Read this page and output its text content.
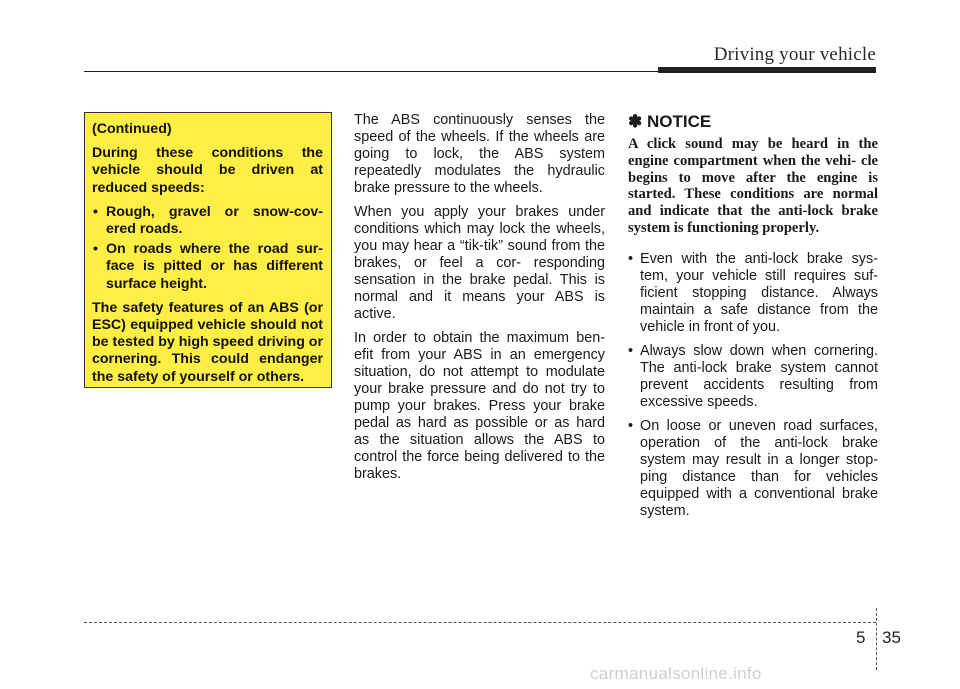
Driving your vehicle

(Continued)

During these conditions the vehicle should be driven at reduced speeds:

• Rough, gravel or snow-cov- ered roads.
• On roads where the road sur- face is pitted or has different surface height.

The safety features of an ABS (or ESC) equipped vehicle should not be tested by high speed driving or cornering. This could endanger the safety of yourself or others.

The ABS continuously senses the speed of the wheels. If the wheels are going to lock, the ABS system repeatedly modulates the hydraulic brake pressure to the wheels.

When you apply your brakes under conditions which may lock the wheels, you may hear a “tik-tik” sound from the brakes, or feel a cor- responding sensation in the brake pedal. This is normal and it means your ABS is active.

In order to obtain the maximum ben- efit from your ABS in an emergency situation, do not attempt to modulate your brake pressure and do not try to pump your brakes. Press your brake pedal as hard as possible or as hard as the situation allows the ABS to control the force being delivered to the brakes.

✽ NOTICE

A click sound may be heard in the engine compartment when the vehi- cle begins to move after the engine is started. These conditions are normal and indicate that the anti-lock brake system is functioning properly.

• Even with the anti-lock brake sys- tem, your vehicle still requires suf- ficient stopping distance. Always maintain a safe distance from the vehicle in front of you.
• Always slow down when cornering. The anti-lock brake system cannot prevent accidents resulting from excessive speeds.
• On loose or uneven road surfaces, operation of the anti-lock brake system may result in a longer stop- ping distance than for vehicles equipped with a conventional brake system.
5 35
carmanualsonline.info
